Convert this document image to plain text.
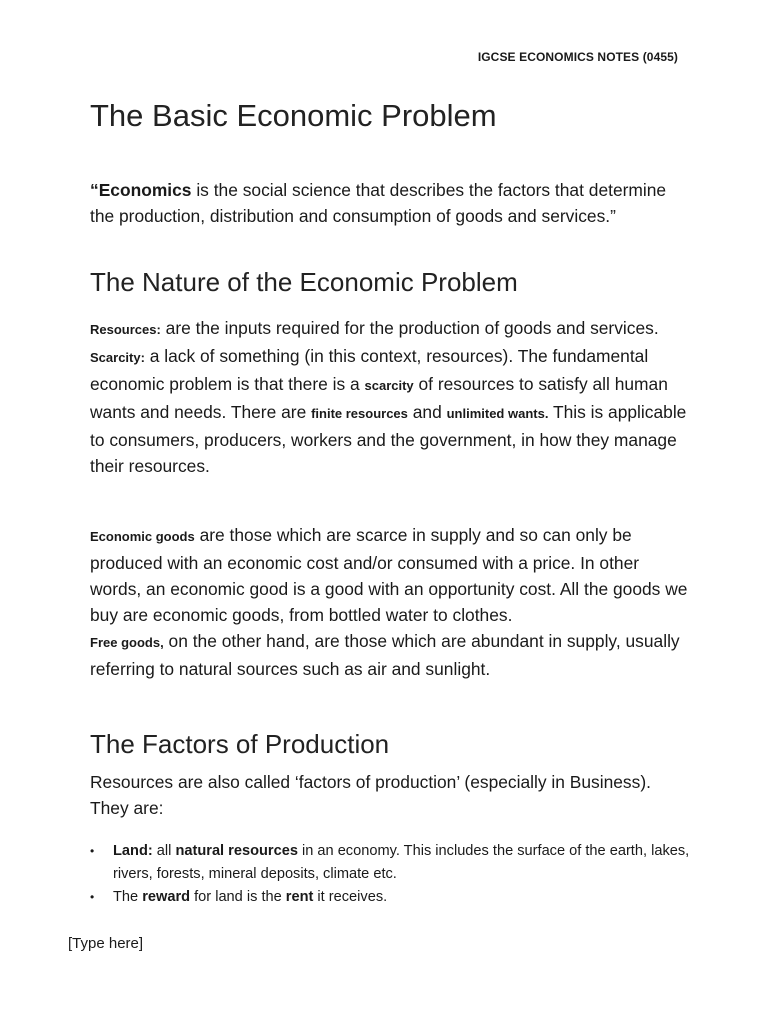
IGCSE ECONOMICS NOTES (0455)
The Basic Economic Problem

“Economics is the social science that describes the factors that determine the production, distribution and consumption of goods and services.”

The Nature of the Economic Problem

Resources: are the inputs required for the production of goods and services.
Scarcity: a lack of something (in this context, resources). The fundamental economic problem is that there is a scarcity of resources to satisfy all human wants and needs. There are finite resources and unlimited wants. This is applicable to consumers, producers, workers and the government, in how they manage their resources.

Economic goods are those which are scarce in supply and so can only be produced with an economic cost and/or consumed with a price. In other words, an economic good is a good with an opportunity cost. All the goods we buy are economic goods, from bottled water to clothes.
Free goods, on the other hand, are those which are abundant in supply, usually referring to natural sources such as air and sunlight.

The Factors of Production

Resources are also called ‘factors of production’ (especially in Business). They are:

• Land: all natural resources in an economy. This includes the surface of the earth, lakes, rivers, forests, mineral deposits, climate etc.
• The reward for land is the rent it receives.
[Type here]
